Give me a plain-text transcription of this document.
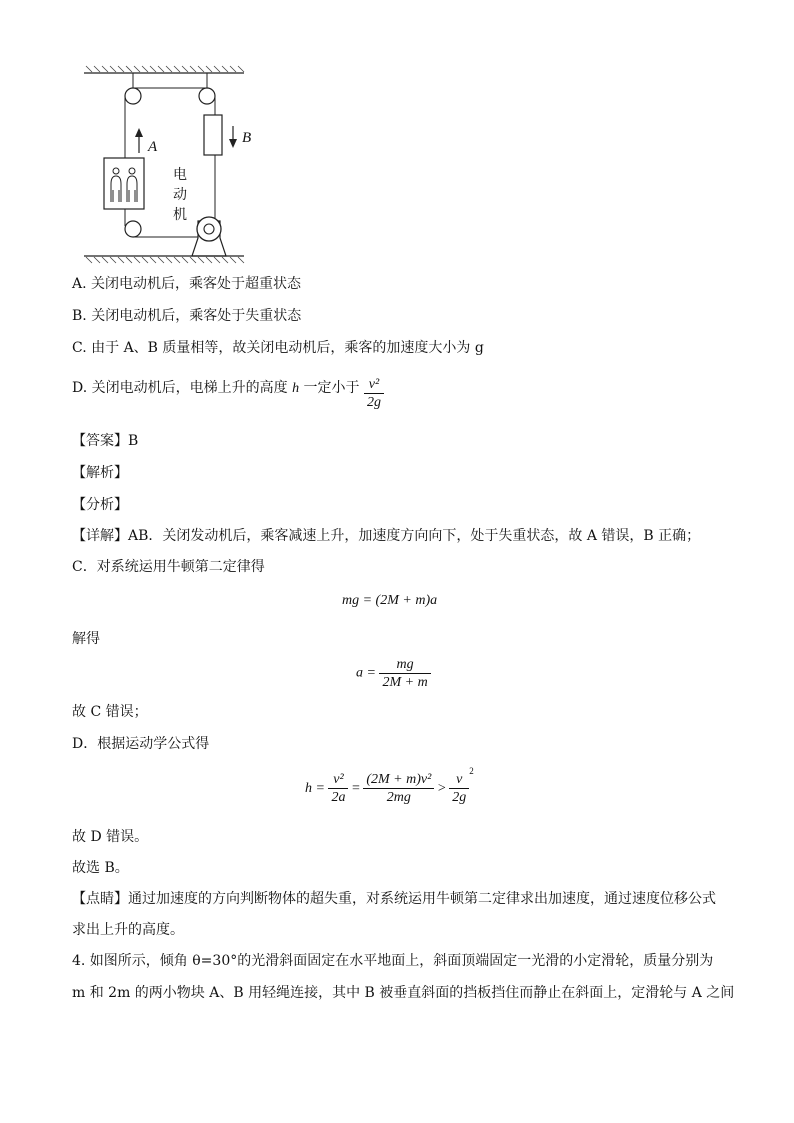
A
B
电
动
机
A. 关闭电动机后，乘客处于超重状态
B. 关闭电动机后，乘客处于失重状态
C. 由于 A、B 质量相等，故关闭电动机后，乘客的加速度大小为 g
D. 关闭电动机后，电梯上升的高度 h 一定小于 $\frac{\text{v²}}{2g}$
【答案】B
【解析】
【分析】
【详解】AB．关闭发动机后，乘客减速上升，加速度方向向下，处于失重状态，故 A 错误，B 正确；
C．对系统运用牛顿第二定律得
mg = (2M + m)a
解得
$a = \frac{mg}{2M + m}$
故 C 错误；
D．根据运动学公式得
$h = \frac{\text{v²}}{2a} = \frac{\text{(2M + m)v²}}{2mg} > \frac{v}{2g}$
$^2$
故 D 错误。
故选 B。
【点睛】通过加速度的方向判断物体的超失重，对系统运用牛顿第二定律求出加速度，通过速度位移公式
求出上升的高度。
4. 如图所示，倾角 θ=30°的光滑斜面固定在水平地面上，斜面顶端固定一光滑的小定滑轮，质量分别为
m 和 2m 的两小物块 A、B 用轻绳连接，其中 B 被垂直斜面的挡板挡住而静止在斜面上，定滑轮与 A 之间
